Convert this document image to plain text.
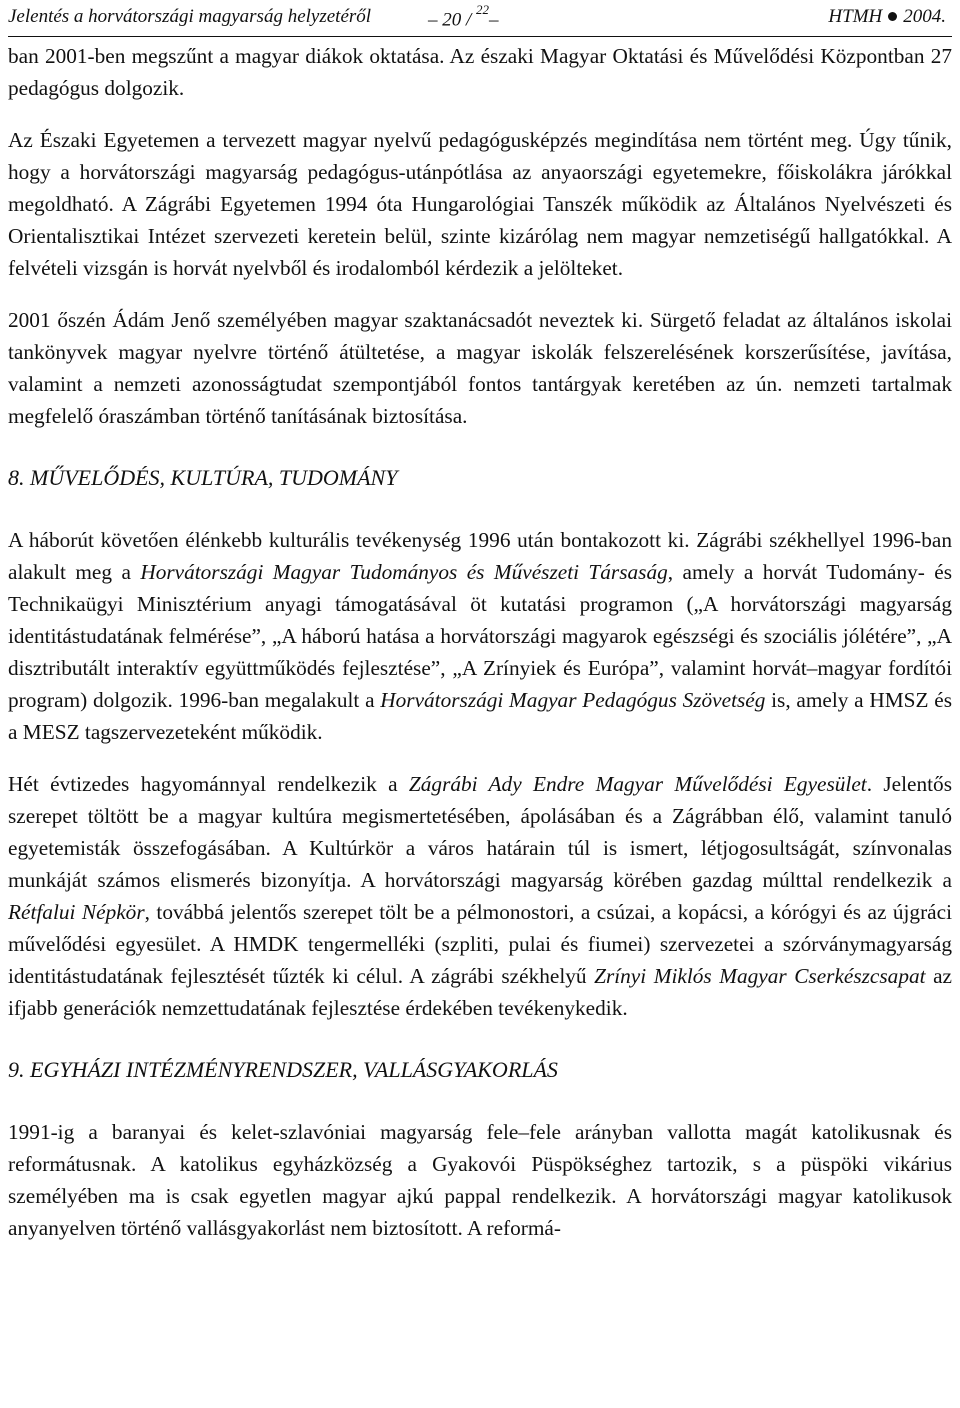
Jelentés a horvátországi magyarság helyzetéről	– 20 / $^{22}$–	HTMH 2004.

ban 2001-ben megszűnt a magyar diákok oktatása. Az északi Magyar Oktatási és Művelődési Központban 27 pedagógus dolgozik.

Az Északi Egyetemen a tervezett magyar nyelvű pedagógusképzés megindítása nem történt meg. Úgy tűnik, hogy a horvátországi magyarság pedagógus-utánpótlása az anyaországi egyetemekre, főiskolákra járókkal megoldható. A Zágrábi Egyetemen 1994 óta Hungarológiai Tanszék működik az Általános Nyelvészeti és Orientalisztikai Intézet szervezeti keretein belül, szinte kizárólag nem magyar nemzetiségű hallgatókkal. A felvételi vizsgán is horvát nyelvből és irodalomból kérdezik a jelölteket.

2001 őszén Ádám Jenő személyében magyar szaktanácsadót neveztek ki. Sürgető feladat az általános iskolai tankönyvek magyar nyelvre történő átültetése, a magyar iskolák felszerelésének korszerűsítése, javítása, valamint a nemzeti azonosságtudat szempontjából fontos tantárgyak keretében az ún. nemzeti tartalmak megfelelő óraszámban történő tanításának biztosítása.

8. MŰVELŐDÉS, KULTÚRA, TUDOMÁNY

A háborút követően élénkebb kulturális tevékenység 1996 után bontakozott ki. Zágrábi székhellyel 1996-ban alakult meg a Horvátországi Magyar Tudományos és Művészeti Társaság, amely a horvát Tudomány- és Technikaügyi Minisztérium anyagi támogatásával öt kutatási programon („A horvátországi magyarság identitástudatának felmérése”, „A háború hatása a horvátországi magyarok egészségi és szociális jólétére”, „A disztributált interaktív együttműködés fejlesztése”, „A Zrínyiek és Európa”, valamint horvát–magyar fordítói program) dolgozik. 1996-ban megalakult a Horvátországi Magyar Pedagógus Szövetség is, amely a HMSZ és a MESZ tagszervezeteként működik.

Hét évtizedes hagyománnyal rendelkezik a Zágrábi Ady Endre Magyar Művelődési Egyesület. Jelentős szerepet töltött be a magyar kultúra megismertetésében, ápolásában és a Zágrábban élő, valamint tanuló egyetemisták összefogásában. A Kultúrkör a város határain túl is ismert, létjogosultságát, színvonalas munkáját számos elismerés bizonyítja. A horvátországi magyarság körében gazdag múlttal rendelkezik a Rétfalui Népkör, továbbá jelentős szerepet tölt be a pélmonostori, a csúzai, a kopácsi, a kórógyi és az újgráci művelődési egyesület. A HMDK tengermelléki (szpliti, pulai és fiumei) szervezetei a szórványmagyarság identitástudatának fejlesztését tűzték ki célul. A zágrábi székhelyű Zrínyi Miklós Magyar Cserkészcsapat az ifjabb generációk nemzettudatának fejlesztése érdekében tevékenykedik.

9. EGYHÁZI INTÉZMÉNYRENDSZER, VALLÁSGYAKORLÁS

1991-ig a baranyai és kelet-szlavóniai magyarság fele–fele arányban vallotta magát katolikusnak és reformátusnak. A katolikus egyházközség a Gyakovói Püspökséghez tartozik, s a püspöki vikárius személyében ma is csak egyetlen magyar ajkú pappal rendelkezik. A horvátországi magyar katolikusok anyanyelven történő vallásgyakorlást nem biztosított. A reformá-
